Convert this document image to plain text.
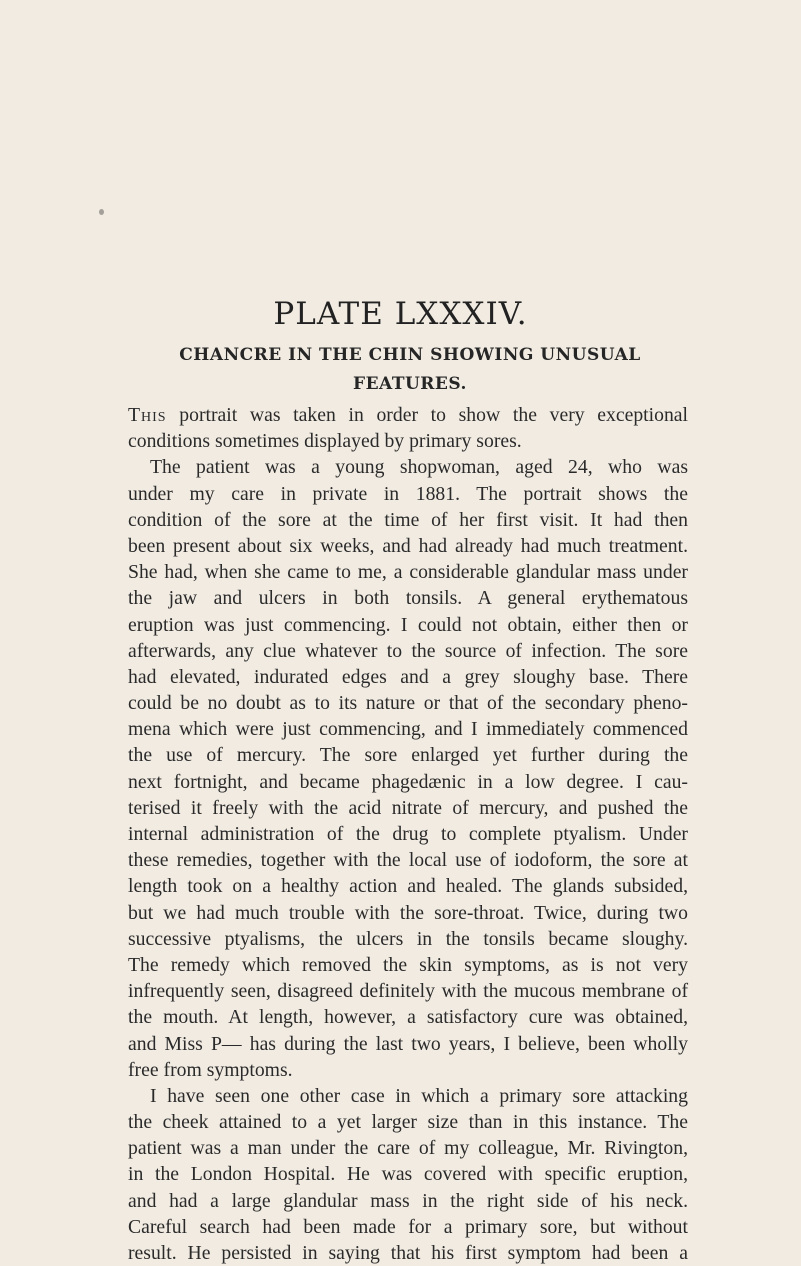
PLATE LXXXIV.
CHANCRE IN THE CHIN SHOWING UNUSUAL
FEATURES.
This portrait was taken in order to show the very exceptional
conditions sometimes displayed by primary sores.
The patient was a young shopwoman, aged 24, who was
under my care in private in 1881. The portrait shows the
condition of the sore at the time of her first visit. It had then
been present about six weeks, and had already had much treatment.
She had, when she came to me, a considerable glandular mass under
the jaw and ulcers in both tonsils. A general erythematous
eruption was just commencing. I could not obtain, either then or
afterwards, any clue whatever to the source of infection. The sore
had elevated, indurated edges and a grey sloughy base. There
could be no doubt as to its nature or that of the secondary pheno-
mena which were just commencing, and I immediately commenced
the use of mercury. The sore enlarged yet further during the
next fortnight, and became phagedænic in a low degree. I cau-
terised it freely with the acid nitrate of mercury, and pushed the
internal administration of the drug to complete ptyalism. Under
these remedies, together with the local use of iodoform, the sore at
length took on a healthy action and healed. The glands subsided,
but we had much trouble with the sore-throat. Twice, during two
successive ptyalisms, the ulcers in the tonsils became sloughy.
The remedy which removed the skin symptoms, as is not very
infrequently seen, disagreed definitely with the mucous membrane of
the mouth. At length, however, a satisfactory cure was obtained,
and Miss P— has during the last two years, I believe, been wholly
free from symptoms.
I have seen one other case in which a primary sore attacking
the cheek attained to a yet larger size than in this instance. The
patient was a man under the care of my colleague, Mr. Rivington,
in the London Hospital. He was covered with specific eruption,
and had a large glandular mass in the right side of his neck.
Careful search had been made for a primary sore, but without
result. He persisted in saying that his first symptom had been a
